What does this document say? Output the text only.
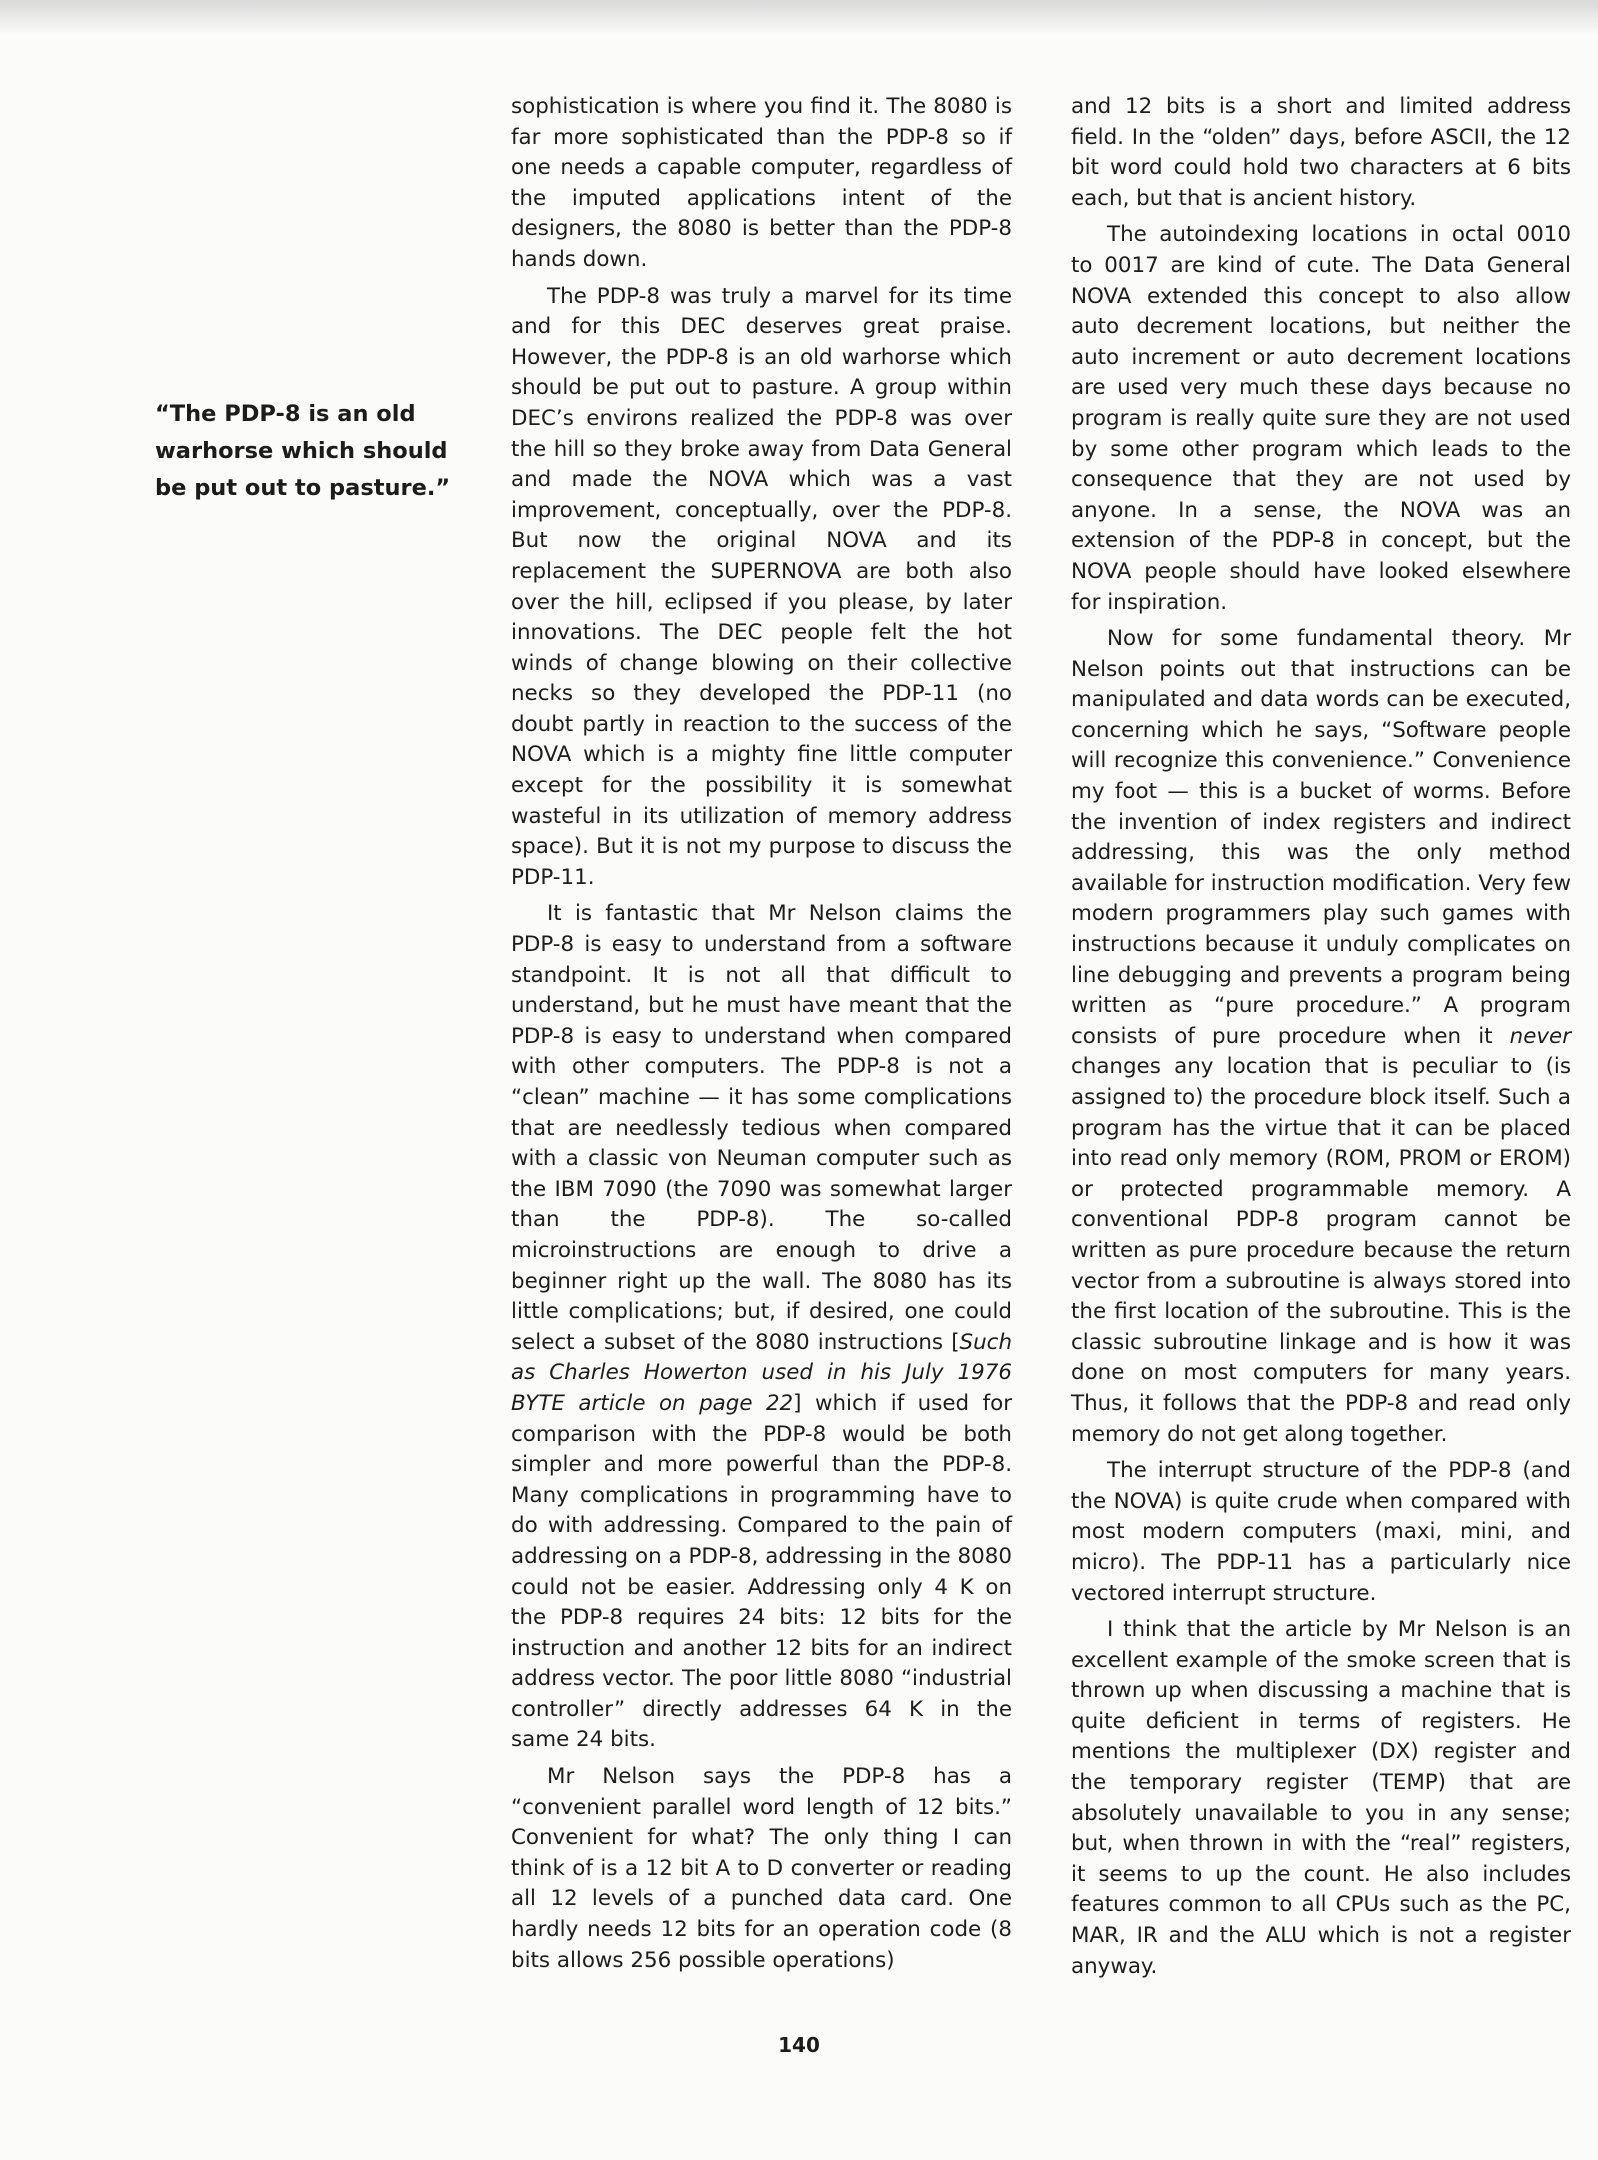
“The PDP-8 is an old warhorse which should be put out to pasture.”

sophistication is where you find it. The 8080 is far more sophisticated than the PDP-8 so if one needs a capable computer, regardless of the imputed applications intent of the designers, the 8080 is better than the PDP-8 hands down.

The PDP-8 was truly a marvel for its time and for this DEC deserves great praise. However, the PDP-8 is an old warhorse which should be put out to pasture. A group within DEC’s environs realized the PDP-8 was over the hill so they broke away from Data General and made the NOVA which was a vast improvement, conceptually, over the PDP-8. But now the original NOVA and its replacement the SUPERNOVA are both also over the hill, eclipsed if you please, by later innovations. The DEC people felt the hot winds of change blowing on their collective necks so they developed the PDP-11 (no doubt partly in reaction to the success of the NOVA which is a mighty fine little computer except for the possibility it is somewhat wasteful in its utilization of memory address space). But it is not my purpose to discuss the PDP-11.

It is fantastic that Mr Nelson claims the PDP-8 is easy to understand from a software standpoint. It is not all that difficult to understand, but he must have meant that the PDP-8 is easy to understand when compared with other computers. The PDP-8 is not a “clean” machine — it has some complications that are needlessly tedious when compared with a classic von Neuman computer such as the IBM 7090 (the 7090 was somewhat larger than the PDP-8). The so-called microinstructions are enough to drive a beginner right up the wall. The 8080 has its little complications; but, if desired, one could select a subset of the 8080 instructions [Such as Charles Howerton used in his July 1976 BYTE article on page 22] which if used for comparison with the PDP-8 would be both simpler and more powerful than the PDP-8. Many complications in programming have to do with addressing. Compared to the pain of addressing on a PDP-8, addressing in the 8080 could not be easier. Addressing only 4 K on the PDP-8 requires 24 bits: 12 bits for the instruction and another 12 bits for an indirect address vector. The poor little 8080 “industrial controller” directly addresses 64 K in the same 24 bits.

Mr Nelson says the PDP-8 has a “convenient parallel word length of 12 bits.” Convenient for what? The only thing I can think of is a 12 bit A to D converter or reading all 12 levels of a punched data card. One hardly needs 12 bits for an operation code (8 bits allows 256 possible operations)

and 12 bits is a short and limited address field. In the “olden” days, before ASCII, the 12 bit word could hold two characters at 6 bits each, but that is ancient history.

The autoindexing locations in octal 0010 to 0017 are kind of cute. The Data General NOVA extended this concept to also allow auto decrement locations, but neither the auto increment or auto decrement locations are used very much these days because no program is really quite sure they are not used by some other program which leads to the consequence that they are not used by anyone. In a sense, the NOVA was an extension of the PDP-8 in concept, but the NOVA people should have looked elsewhere for inspiration.

Now for some fundamental theory. Mr Nelson points out that instructions can be manipulated and data words can be executed, concerning which he says, “Software people will recognize this convenience.” Convenience my foot — this is a bucket of worms. Before the invention of index registers and indirect addressing, this was the only method available for instruction modification. Very few modern programmers play such games with instructions because it unduly complicates on line debugging and prevents a program being written as “pure procedure.” A program consists of pure procedure when it never changes any location that is peculiar to (is assigned to) the procedure block itself. Such a program has the virtue that it can be placed into read only memory (ROM, PROM or EROM) or protected programmable memory. A conventional PDP-8 program cannot be written as pure procedure because the return vector from a subroutine is always stored into the first location of the subroutine. This is the classic subroutine linkage and is how it was done on most computers for many years. Thus, it follows that the PDP-8 and read only memory do not get along together.

The interrupt structure of the PDP-8 (and the NOVA) is quite crude when compared with most modern computers (maxi, mini, and micro). The PDP-11 has a particularly nice vectored interrupt structure.

I think that the article by Mr Nelson is an excellent example of the smoke screen that is thrown up when discussing a machine that is quite deficient in terms of registers. He mentions the multiplexer (DX) register and the temporary register (TEMP) that are absolutely unavailable to you in any sense; but, when thrown in with the “real” registers, it seems to up the count. He also includes features common to all CPUs such as the PC, MAR, IR and the ALU which is not a register anyway.

140
